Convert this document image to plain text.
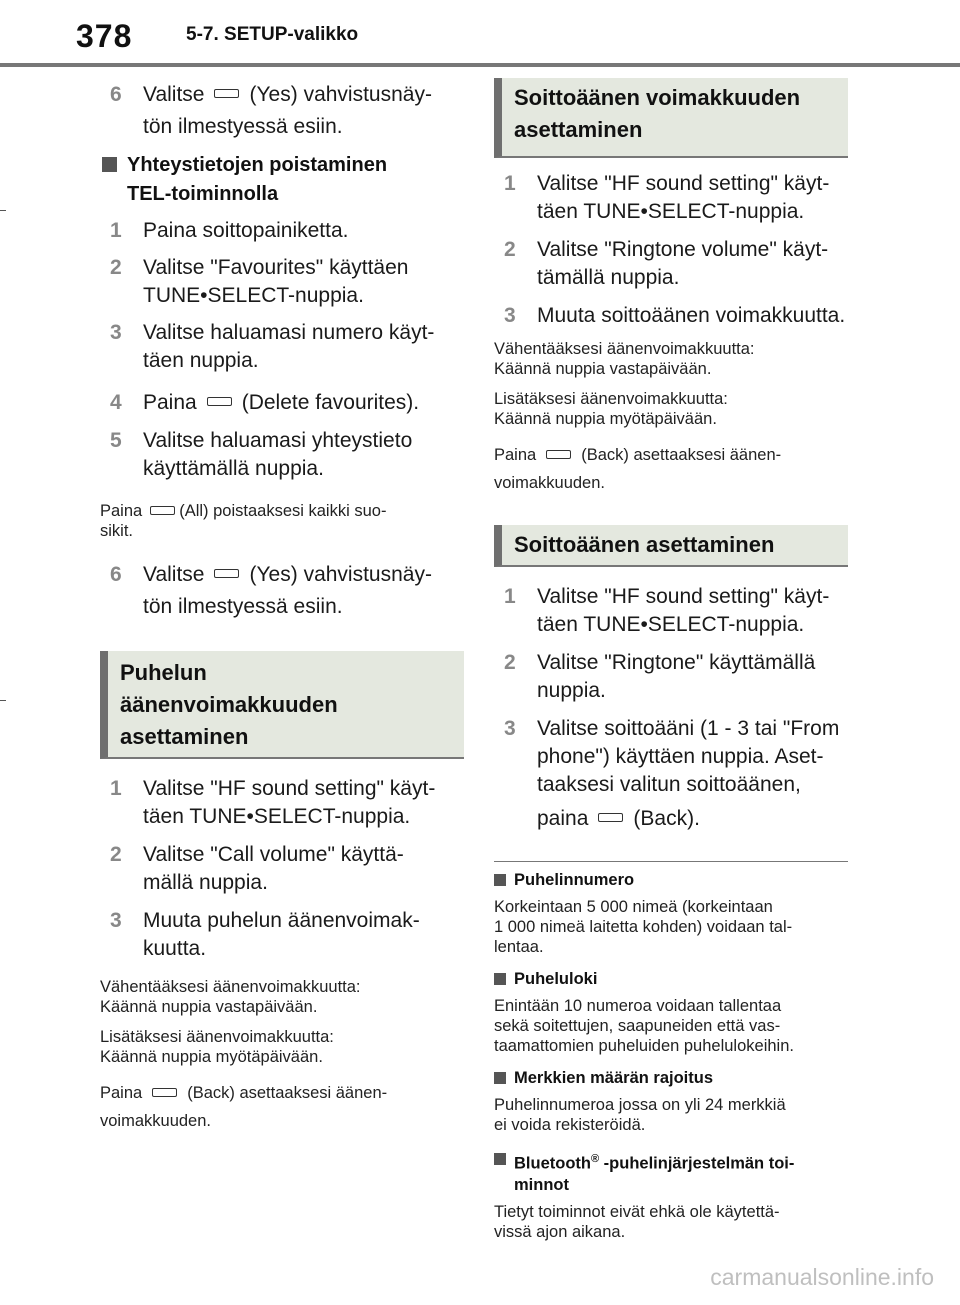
378	5-7. SETUP-valikko
6 Valitse (Yes) vahvistusnäy-
tön ilmestyessä esiin.
Yhteystietojen poistaminen
TEL-toiminnolla
1 Paina soittopainiketta.
2 Valitse "Favourites" käyttäen
TUNE•SELECT-nuppia.
3 Valitse haluamasi numero käyt-
täen nuppia.
4 Paina (Delete favourites).
5 Valitse haluamasi yhteystieto
käyttämällä nuppia.
Paina (All) poistaaksesi kaikki suo-
sikit.
6 Valitse (Yes) vahvistusnäy-
tön ilmestyessä esiin.
Puhelun
äänenvoimakkuuden
asettaminen
1 Valitse "HF sound setting" käyt-
täen TUNE•SELECT-nuppia.
2 Valitse "Call volume" käyttä-
mällä nuppia.
3 Muuta puhelun äänenvoimak-
kuutta.
Vähentääksesi äänenvoimakkuutta:
Käännä nuppia vastapäivään.
Lisätäksesi äänenvoimakkuutta:
Käännä nuppia myötäpäivään.
Paina	(Back) asettaaksesi äänen-
voimakkuuden.
Soittoäänen voimakkuuden
asettaminen
1 Valitse "HF sound setting" käyt-
täen TUNE•SELECT-nuppia.
2 Valitse "Ringtone volume" käyt-
tämällä nuppia.
3 Muuta soittoäänen voimakkuutta.
Vähentääksesi äänenvoimakkuutta:
Käännä nuppia vastapäivään.
Lisätäksesi äänenvoimakkuutta:
Käännä nuppia myötäpäivään.
Paina	(Back) asettaaksesi äänen-
voimakkuuden.
Soittoäänen asettaminen
1 Valitse "HF sound setting" käyt-
täen TUNE•SELECT-nuppia.
2 Valitse "Ringtone" käyttämällä
nuppia.
3 Valitse soittoääni (1 - 3 tai "From
phone") käyttäen nuppia. Aset-
taaksesi valitun soittoäänen,
paina (Back).
Puhelinnumero
Korkeintaan 5 000 nimeä (korkeintaan
1 000 nimeä laitetta kohden) voidaan tal-
lentaa.
Puheluloki
Enintään 10 numeroa voidaan tallentaa
sekä soitettujen, saapuneiden että vas-
taamattomien puheluiden puhelulokeihin.
Merkkien määrän rajoitus
Puhelinnumeroa jossa on yli 24 merkkiä
ei voida rekisteröidä.
Bluetooth® -puhelinjärjestelmän toi-
minnot
Tietyt toiminnot eivät ehkä ole käytettä-
vissä ajon aikana.
carmanualsonline.info
